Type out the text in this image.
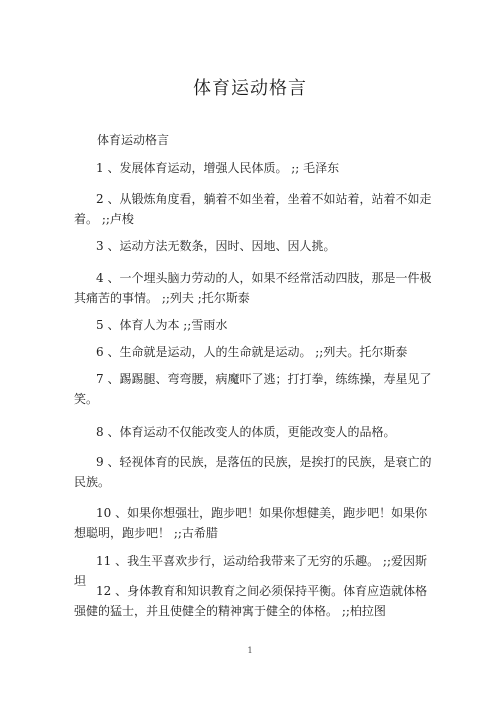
体育运动格言
体育运动格言
1 、发展体育运动，增强人民体质。 ;; 毛泽东
2 、从锻炼角度看，躺着不如坐着，坐着不如站着，站着不如走着。 ;;卢梭
3 、运动方法无数条，因时、因地、因人挑。
4 、一个埋头脑力劳动的人，如果不经常活动四肢，那是一件极其痛苦的事情。 ;;列夫 ;托尔斯泰
5 、体育人为本 ;;雪雨水
6 、生命就是运动，人的生命就是运动。 ;;列夫。托尔斯泰
7 、踢踢腿、弯弯腰，病魔吓了逃；打打拳，练练操，寿星见了笑。
8 、体育运动不仅能改变人的体质，更能改变人的品格。
9 、轻视体育的民族，是落伍的民族，是挨打的民族，是衰亡的民族。
10 、如果你想强壮，跑步吧！如果你想健美，跑步吧！如果你想聪明，跑步吧！ ;;古希腊
11 、我生平喜欢步行，运动给我带来了无穷的乐趣。 ;;爱因斯坦
12 、身体教育和知识教育之间必须保持平衡。体育应造就体格强健的猛士，并且使健全的精神寓于健全的体格。 ;;柏拉图
1
